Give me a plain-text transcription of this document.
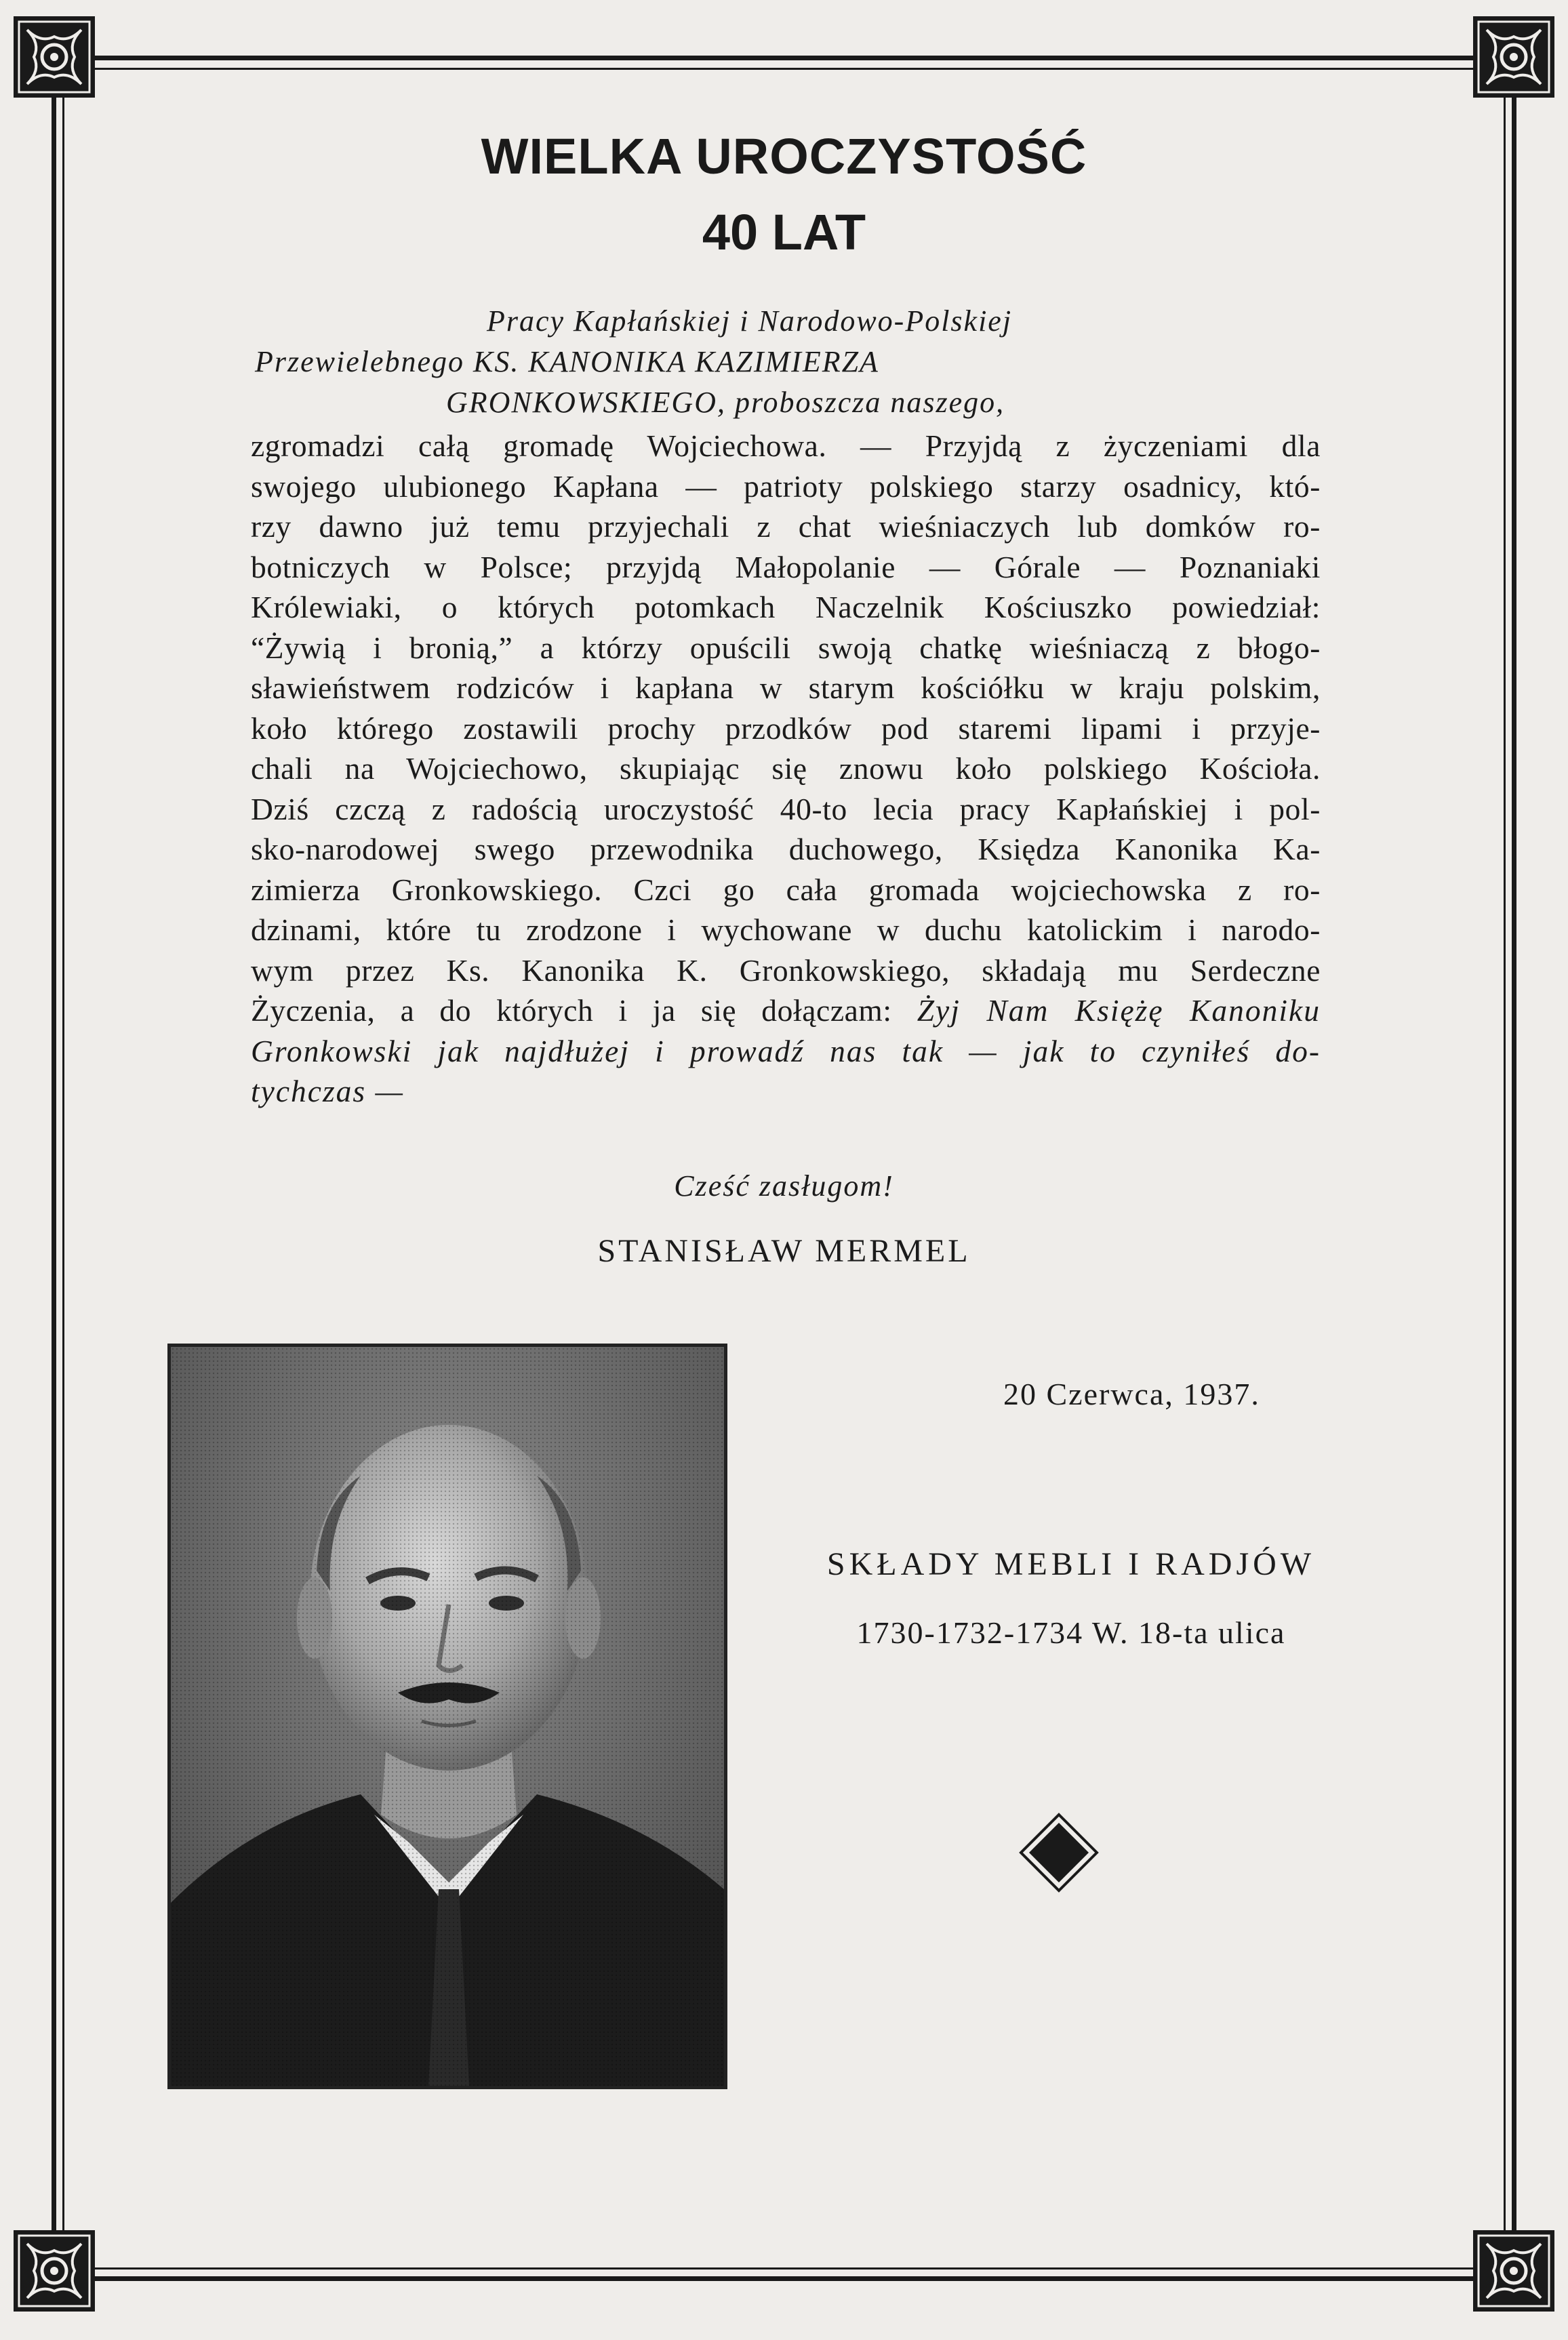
WIELKA UROCZYSTOŚĆ
40 LAT
Pracy Kapłańskiej i Narodowo-Polskiej
Przewielebnego KS. KANONIKA KAZIMIERZA
GRONKOWSKIEGO, proboszcza naszego,
zgromadzi całą gromadę Wojciechowa. — Przyjdą z życzeniami dla
swojego ulubionego Kapłana — patrioty polskiego starzy osadnicy, któ-
rzy dawno już temu przyjechali z chat wieśniaczych lub domków ro-
botniczych w Polsce; przyjdą Małopolanie — Górale — Poznaniaki
Królewiaki, o których potomkach Naczelnik Kościuszko powiedział:
“Żywią i bronią,” a którzy opuścili swoją chatkę wieśniaczą z błogo-
sławieństwem rodziców i kapłana w starym kościółku w kraju polskim,
koło którego zostawili prochy przodków pod staremi lipami i przyje-
chali na Wojciechowo, skupiając się znowu koło polskiego Kościoła.
Dziś czczą z radością uroczystość 40-to lecia pracy Kapłańskiej i pol-
sko-narodowej swego przewodnika duchowego, Księdza Kanonika Ka-
zimierza Gronkowskiego. Czci go cała gromada wojciechowska z ro-
dzinami, które tu zrodzone i wychowane w duchu katolickim i narodo-
wym przez Ks. Kanonika K. Gronkowskiego, składają mu Serdeczne
Życzenia, a do których i ja się dołączam: Żyj Nam Księżę Kanoniku
Gronkowski jak najdłużej i prowadź nas tak — jak to czyniłeś do-
tychczas —
Cześć zasługom!
STANISŁAW MERMEL
20 Czerwca, 1937.
SKŁADY MEBLI I RADJÓW
1730-1732-1734 W. 18-ta ulica
